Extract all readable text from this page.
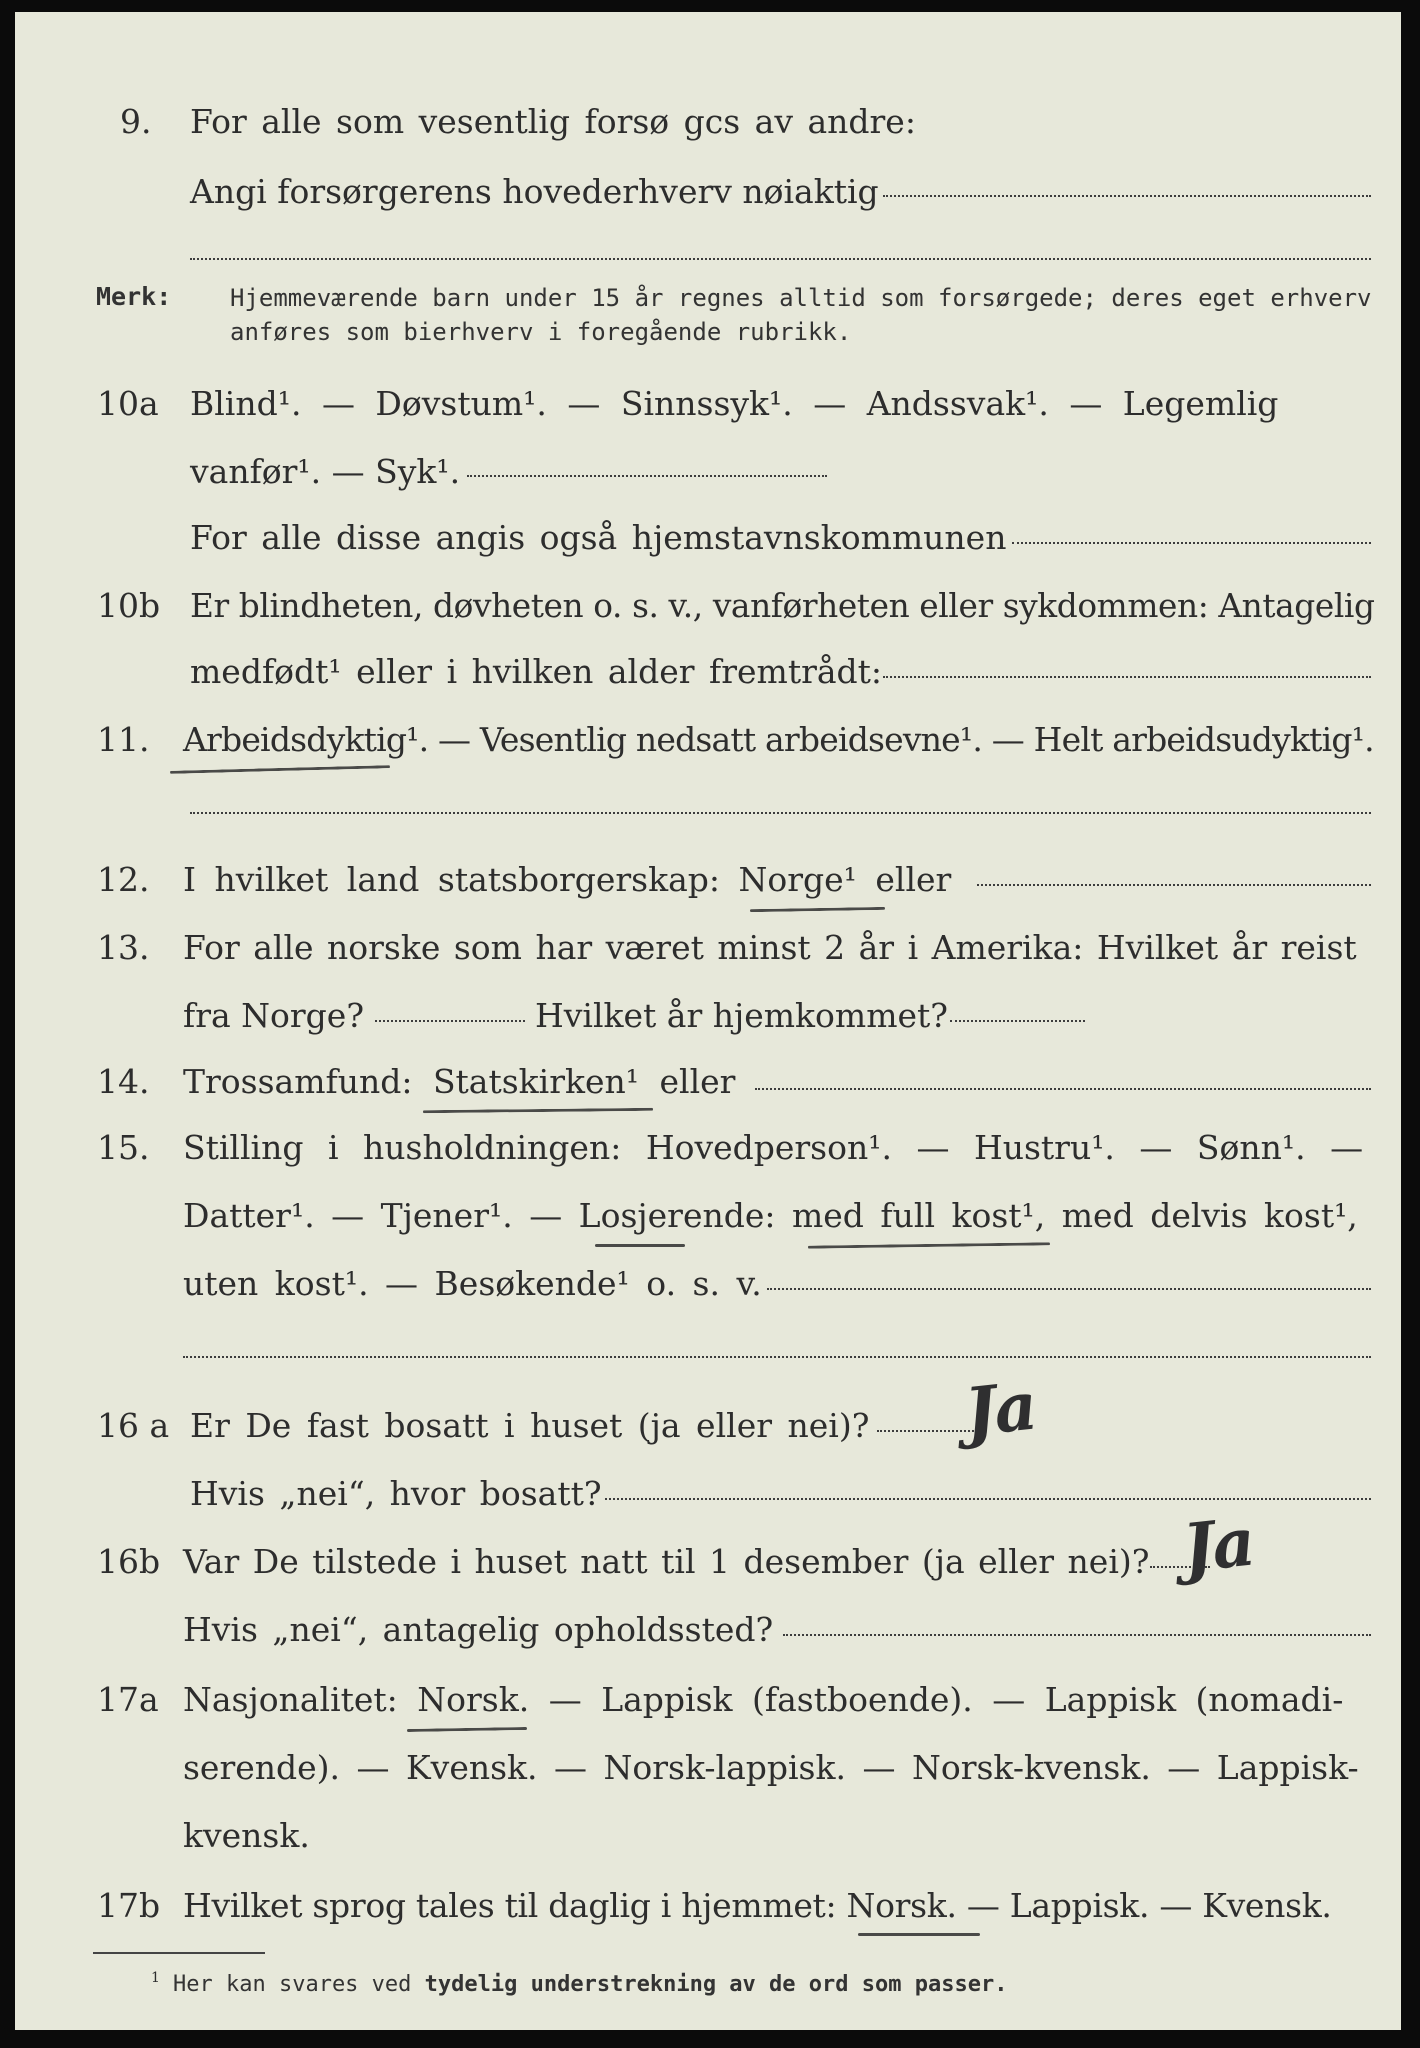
9. For alle som vesentlig forsø gcs av andre:
Angi forsørgerens hovederhverv nøiaktig
Merk: Hjemmeværende barn under 15 år regnes alltid som forsørgede; deres eget erhverv
anføres som bierhverv i foregående rubrikk.
10a Blind¹. — Døvstum¹. — Sinnssyk¹. — Andssvak¹. — Legemlig
vanfør¹. — Syk¹.
For alle disse angis også hjemstavnskommunen
10b Er blindheten, døvheten o. s. v., vanførheten eller sykdommen: Antagelig
medfødt¹ eller i hvilken alder fremtrådt:
11. Arbeidsdyktig¹. — Vesentlig nedsatt arbeidsevne¹. — Helt arbeidsudyktig¹.
12. I hvilket land statsborgerskap: Norge¹ eller
13. For alle norske som har været minst 2 år i Amerika: Hvilket år reist
fra Norge?	Hvilket år hjemkommet?
14. Trossamfund: Statskirken¹ eller
15. Stilling i husholdningen: Hovedperson¹. — Hustru¹. — Sønn¹. —
Datter¹. — Tjener¹. — Losjerende: med full kost¹, med delvis kost¹,
uten kost¹. — Besøkende¹ o. s. v.
16 a Er De fast bosatt i huset (ja eller nei)? Ja
Hvis „nei“, hvor bosatt?
16b Var De tilstede i huset natt til 1 desember (ja eller nei)? Ja
Hvis „nei“, antagelig opholdssted?
17a Nasjonalitet: Norsk. — Lappisk (fastboende). — Lappisk (nomadi-
serende). — Kvensk. — Norsk-lappisk. — Norsk-kvensk. — Lappisk-
kvensk.
17b Hvilket sprog tales til daglig i hjemmet: Norsk. — Lappisk. — Kvensk.
1 Her kan svares ved tydelig understrekning av de ord som passer.
